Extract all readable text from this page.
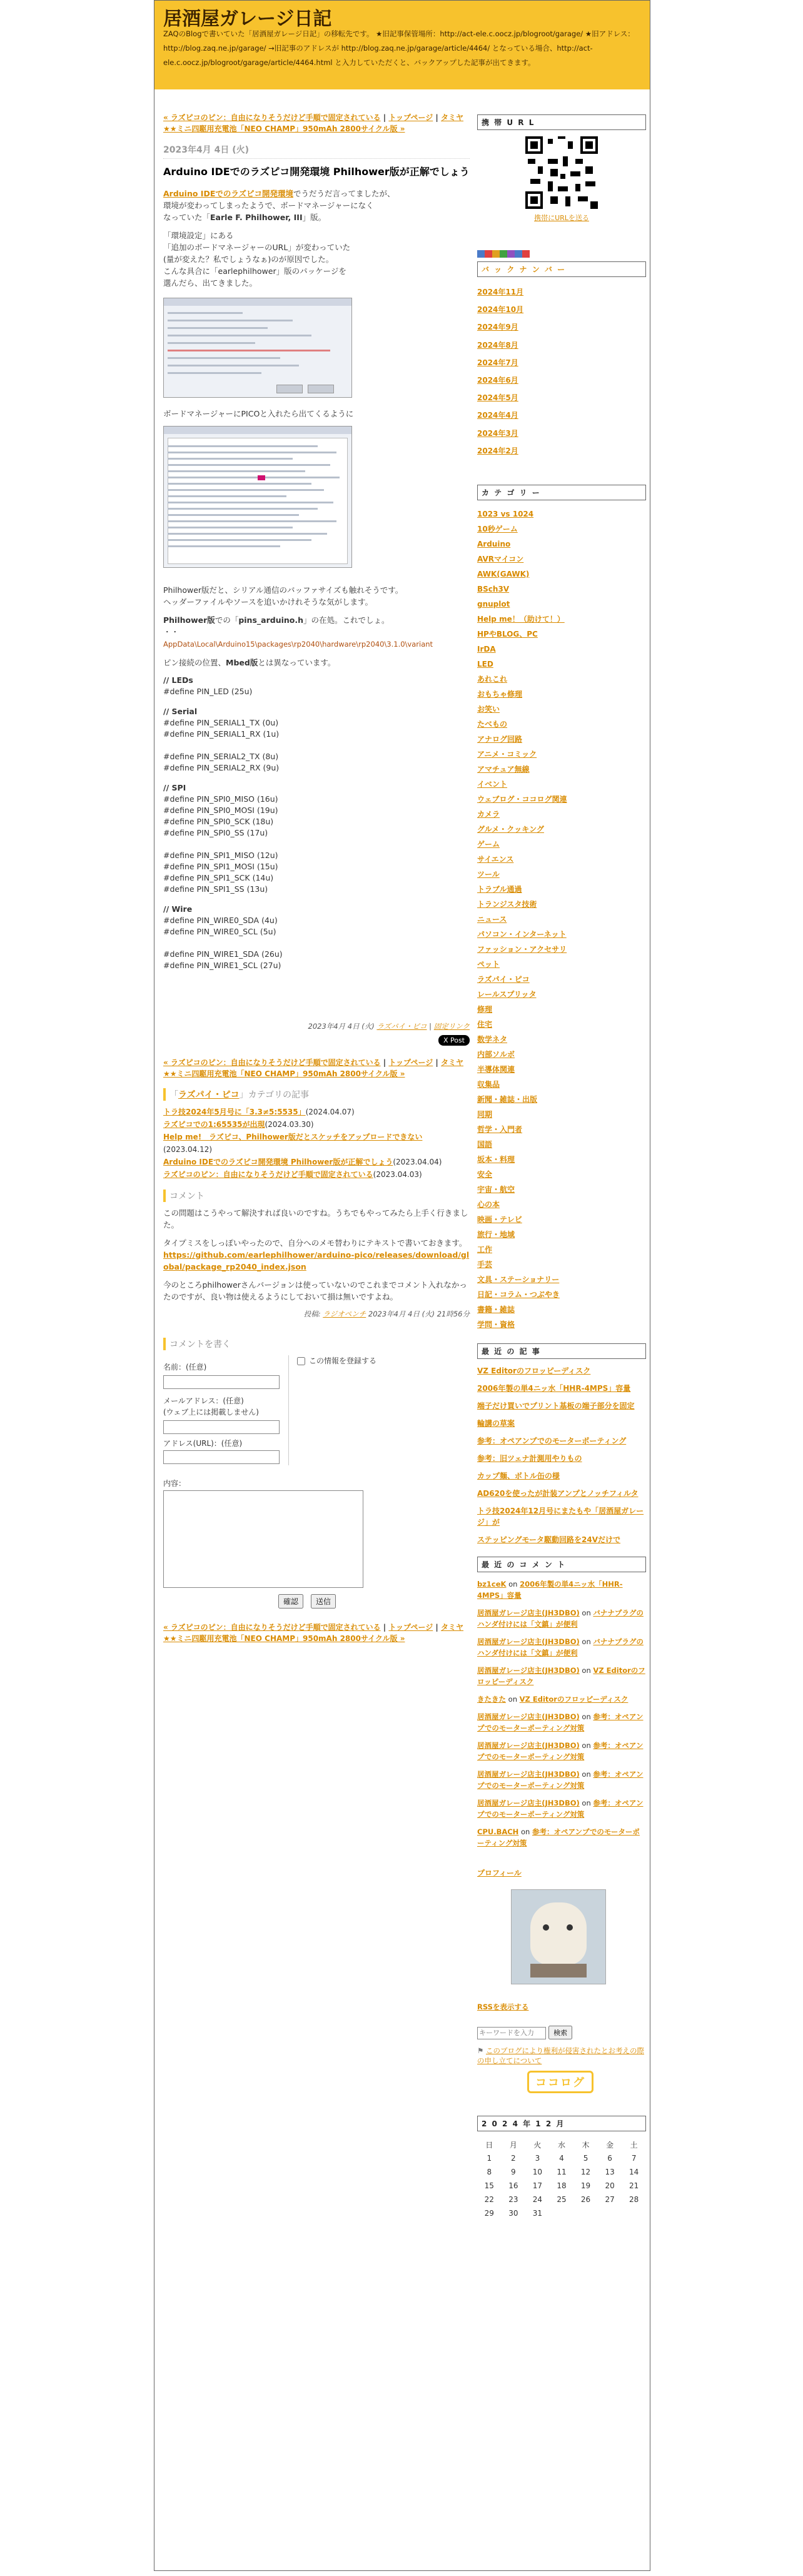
居酒屋ガレージ日記
ZAQのBlogで書いていた「居酒屋ガレージ日記」の移転先です。 ★旧記事保管場所：http://act-ele.c.oocz.jp/blogroot/garage/ ★旧アドレス：http://blog.zaq.ne.jp/garage/ →旧記事のアドレスが http://blog.zaq.ne.jp/garage/article/4464/ となっている場合、http://act-ele.c.oocz.jp/blogroot/garage/article/4464.html と入力していただくと、バックアップした記事が出てきます。
« ラズピコのピン：自由になりそうだけど手順で固定されている | トップページ | タミヤ★★ミニ四駆用充電池「NEO CHAMP」950mAh 2800サイクル版 »
2023年4月 4日 (火)
Arduino IDEでのラズピコ開発環境 Philhower版が正解でしょう

Arduino IDEでのラズピコ開発環境でうだうだ言ってましたが、
環境が変わってしまったようで、ボードマネージャーになく
なっていた「Earle F. Philhower, III」版。

「環境設定」にある
「追加のボードマネージャーのURL」が変わっていた
(量が変えた？私でしょうなぁ)のが原因でした。
こんな具合に「earlephilhower」版のパッケージを
選んだら、出てきました。

ボードマネージャーにPICOと入れたら出てくるように

Philhower版だと、シリアル通信のバッファサイズも触れそうです。
ヘッダーファイルやソースを追いかけれそうな気がします。

Philhower版での「pins_arduino.h」の在処。これでしょ。
・・
AppData\Local\Arduino15\packages\rp2040\hardware\rp2040\3.1.0\variant

ピン接続の位置、Mbed版とは異なっています。

// LEDs
#define PIN_LED (25u)
// Serial
#define PIN_SERIAL1_TX (0u)
#define PIN_SERIAL1_RX (1u)
#define PIN_SERIAL2_TX (8u)
#define PIN_SERIAL2_RX (9u)
// SPI
#define PIN_SPI0_MISO (16u)
#define PIN_SPI0_MOSI (19u)
#define PIN_SPI0_SCK (18u)
#define PIN_SPI0_SS (17u)
#define PIN_SPI1_MISO (12u)
#define PIN_SPI1_MOSI (15u)
#define PIN_SPI1_SCK (14u)
#define PIN_SPI1_SS (13u)
// Wire
#define PIN_WIRE0_SDA (4u)
#define PIN_WIRE0_SCL (5u)
#define PIN_WIRE1_SDA (26u)
#define PIN_WIRE1_SCL (27u)
2023年4月 4日 (火) ラズパイ・ピコ | 固定リンク
X Post
« ラズピコのピン：自由になりそうだけど手順で固定されている | トップページ | タミヤ★★ミニ四駆用充電池「NEO CHAMP」950mAh 2800サイクル版 »
「ラズパイ・ピコ」カテゴリの記事
トラ技2024年5月号に「3.3≠5:5535」(2024.04.07)
ラズピコでの1:65535が出現(2024.03.30)
Help me!　ラズピコ、Philhower版だとスケッチをアップロードできない(2023.04.12)
Arduino IDEでのラズピコ開発環境 Philhower版が正解でしょう(2023.04.04)
ラズピコのピン：自由になりそうだけど手順で固定されている(2023.04.03)
コメント

この問題はこうやって解決すれば良いのですね。うちでもやってみたら上手く行きました。

タイプミスをしっぽいやったので、自分へのメモ替わりにテキストで書いておきます。

https://github.com/earlephilhower/arduino-pico/releases/download/global/package_rp2040_index.json

今のところphilhowerさんバージョンは使っていないのでこれまでコメント入れなかったのですが、良い物は使えるようにしておいて損は無いですよね。

投稿: ラジオペンチ 2023年4月 4日 (火) 21時56分
コメントを書く
名前：(任意)
この情報を登録する
メールアドレス：(任意)
(ウェブ上には掲載しません)
アドレス(URL)：(任意)
内容：
確認	送信
« ラズピコのピン：自由になりそうだけど手順で固定されている | トップページ | タミヤ★★ミニ四駆用充電池「NEO CHAMP」950mAh 2800サイクル版 »
携 帯 U R L
携帯にURLを送る
バ ッ ク ナ ン バ ー
2024年11月
2024年10月
2024年9月
2024年8月
2024年7月
2024年6月
2024年5月
2024年4月
2024年3月
2024年2月
カ テ ゴ リ ー
1023 vs 1024
10秒ゲーム
Arduino
AVRマイコン
AWK(GAWK)
BSch3V
gnuplot
Help me！（助けて！）
HPやBLOG、PC
IrDA
LED
あれこれ
おもちゃ修理
お笑い
たべもの
アナログ回路
アニメ・コミック
アマチュア無線
イベント
ウェブログ・ココログ関連
カメラ
グルメ・クッキング
ゲーム
サイエンス
ツール
トラブル通過
トランジスタ技術
ニュース
パソコン・インターネット
ファッション・アクセサリ
ペット
ラズパイ・ピコ
レールスプリッタ
修理
住宅
数学ネタ
内部ソルボ
半導体関連
収集品
新聞・雑誌・出版
同期
哲学・入門者
国語
坂本・料理
安全
宇宙・航空
心の本
映画・テレビ
旅行・地域
工作
手芸
文具・ステーショナリー
日記・コラム・つぶやき
書籍・雑誌
学問・資格
最 近 の 記 事
VZ Editorのフロッピーディスク
2006年製の単4ニッ水「HHR-4MPS」容量
端子だけ買いでプリント基板の端子部分を固定
輪講の草案
参考：オペアンプでのモーターポーティング
参考：旧ツェナ計測用やりもの
カップ麺、ボトル缶の様
AD620を使ったが計装アンプとノッチフィルタ
トラ技2024年12月号にまたもや「居酒屋ガレージ」が
ステッピングモータ駆動回路を24Vだけで
最 近 の コ メ ン ト
bz1ceK on 2006年製の単4ニッ水「HHR-4MPS」容量
居酒屋ガレージ店主(JH3DBO) on バナナプラグのハンダ付けには「文鎮」が便利
居酒屋ガレージ店主(JH3DBO) on バナナプラグのハンダ付けには「文鎮」が便利
居酒屋ガレージ店主(JH3DBO) on VZ Editorのフロッピーディスク
きたきた on VZ Editorのフロッピーディスク
居酒屋ガレージ店主(JH3DBO) on 参考：オペアンプでのモーターポーティング対策
居酒屋ガレージ店主(JH3DBO) on 参考：オペアンプでのモーターポーティング対策
居酒屋ガレージ店主(JH3DBO) on 参考：オペアンプでのモーターポーティング対策
居酒屋ガレージ店主(JH3DBO) on 参考：オペアンプでのモーターポーティング対策
CPU.BACH on 参考：オペアンプでのモーターポーティング対策
プロフィール
RSSを表示する
キーワードを入力 検索
⚑ このブログにより権利が侵害されたとお考えの際の申し立てについて
ココログ
2 0 2 4 年 1 2 月
日	月	火	水	木	金	土
1	2	3	4	5	6	7
8	9	10	11	12	13	14
15	16	17	18	19	20	21
22	23	24	25	26	27	28
29	30	31				
